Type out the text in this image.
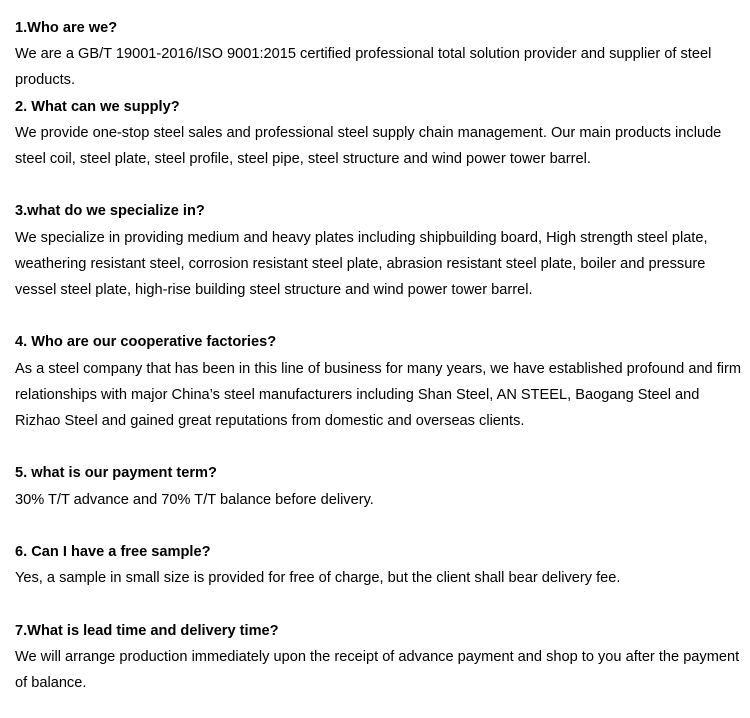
1.Who are we?

We are a GB/T 19001-2016/ISO 9001:2015 certified professional total solution provider and supplier of steel products.

2. What can we supply?

We provide one-stop steel sales and professional steel supply chain management. Our main products include steel coil, steel plate, steel profile, steel pipe, steel structure and wind power tower barrel.

3.what do we specialize in?

We specialize in providing medium and heavy plates including shipbuilding board, High strength steel plate, weathering resistant steel, corrosion resistant steel plate, abrasion resistant steel plate, boiler and pressure vessel steel plate, high-rise building steel structure and wind power tower barrel.

4. Who are our cooperative factories?

As a steel company that has been in this line of business for many years, we have established profound and firm relationships with major China’s steel manufacturers including Shan Steel, AN STEEL, Baogang Steel and Rizhao Steel and gained great reputations from domestic and overseas clients.

5. what is our payment term?

30% T/T advance and 70% T/T balance before delivery.

6. Can I have a free sample?

Yes, a sample in small size is provided for free of charge, but the client shall bear delivery fee.

7.What is lead time and delivery time?

We will arrange production immediately upon the receipt of advance payment and shop to you after the payment of balance.
